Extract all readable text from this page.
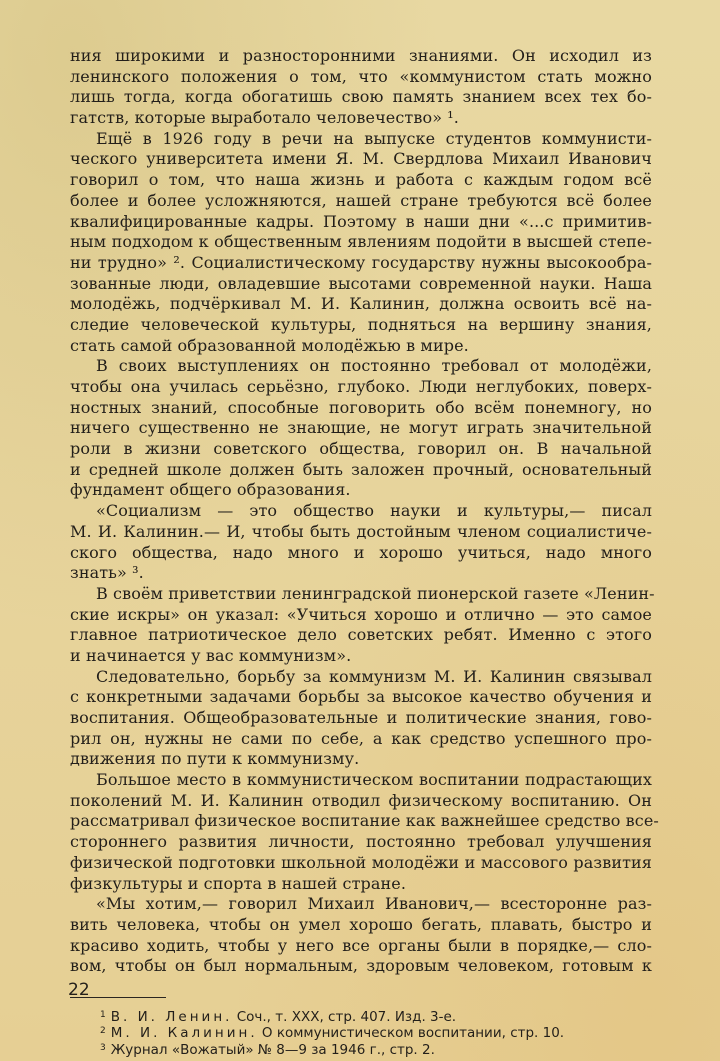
ния широкими и разносторонними знаниями. Он исходил из
ленинского положения о том, что «коммунистом стать можно
лишь тогда, когда обогатишь свою память знанием всех тех бо-
гатств, которые выработало человечество» ¹.
Ещё в 1926 году в речи на выпуске студентов коммунисти-
ческого университета имени Я. М. Свердлова Михаил Иванович
говорил о том, что наша жизнь и работа с каждым годом всё
более и более усложняются, нашей стране требуются всё более
квалифицированные кадры. Поэтому в наши дни «...с примитив-
ным подходом к общественным явлениям подойти в высшей степе-
ни трудно» ². Социалистическому государству нужны высокообра-
зованные люди, овладевшие высотами современной науки. Наша
молодёжь, подчёркивал М. И. Калинин, должна освоить всё на-
следие человеческой культуры, подняться на вершину знания,
стать самой образованной молодёжью в мире.
В своих выступлениях он постоянно требовал от молодёжи,
чтобы она училась серьёзно, глубоко. Люди неглубоких, поверх-
ностных знаний, способные поговорить обо всём понемногу, но
ничего существенно не знающие, не могут играть значительной
роли в жизни советского общества, говорил он. В начальной
и средней школе должен быть заложен прочный, основательный
фундамент общего образования.
«Социализм — это общество науки и культуры,— писал
М. И. Калинин.— И, чтобы быть достойным членом социалистиче-
ского общества, надо много и хорошо учиться, надо много
знать» ³.
В своём приветствии ленинградской пионерской газете «Ленин-
ские искры» он указал: «Учиться хорошо и отлично — это самое
главное патриотическое дело советских ребят. Именно с этого
и начинается у вас коммунизм».
Следовательно, борьбу за коммунизм М. И. Калинин связывал
с конкретными задачами борьбы за высокое качество обучения и
воспитания. Общеобразовательные и политические знания, гово-
рил он, нужны не сами по себе, а как средство успешного про-
движения по пути к коммунизму.
Большое место в коммунистическом воспитании подрастающих
поколений М. И. Калинин отводил физическому воспитанию. Он
рассматривал физическое воспитание как важнейшее средство все-
стороннего развития личности, постоянно требовал улучшения
физической подготовки школьной молодёжи и массового развития
физкультуры и спорта в нашей стране.
«Мы хотим,— говорил Михаил Иванович,— всесторонне раз-
вить человека, чтобы он умел хорошо бегать, плавать, быстро и
красиво ходить, чтобы у него все органы были в порядке,— сло-
вом, чтобы он был нормальным, здоровым человеком, готовым к
$^1$ В. И. Ленин. Соч., т. XXX, стр. 407. Изд. 3-е.
$^2$ М. И. Калинин. О коммунистическом воспитании, стр. 10.
$^3$ Журнал «Вожатый» № 8—9 за 1946 г., стр. 2.
22
